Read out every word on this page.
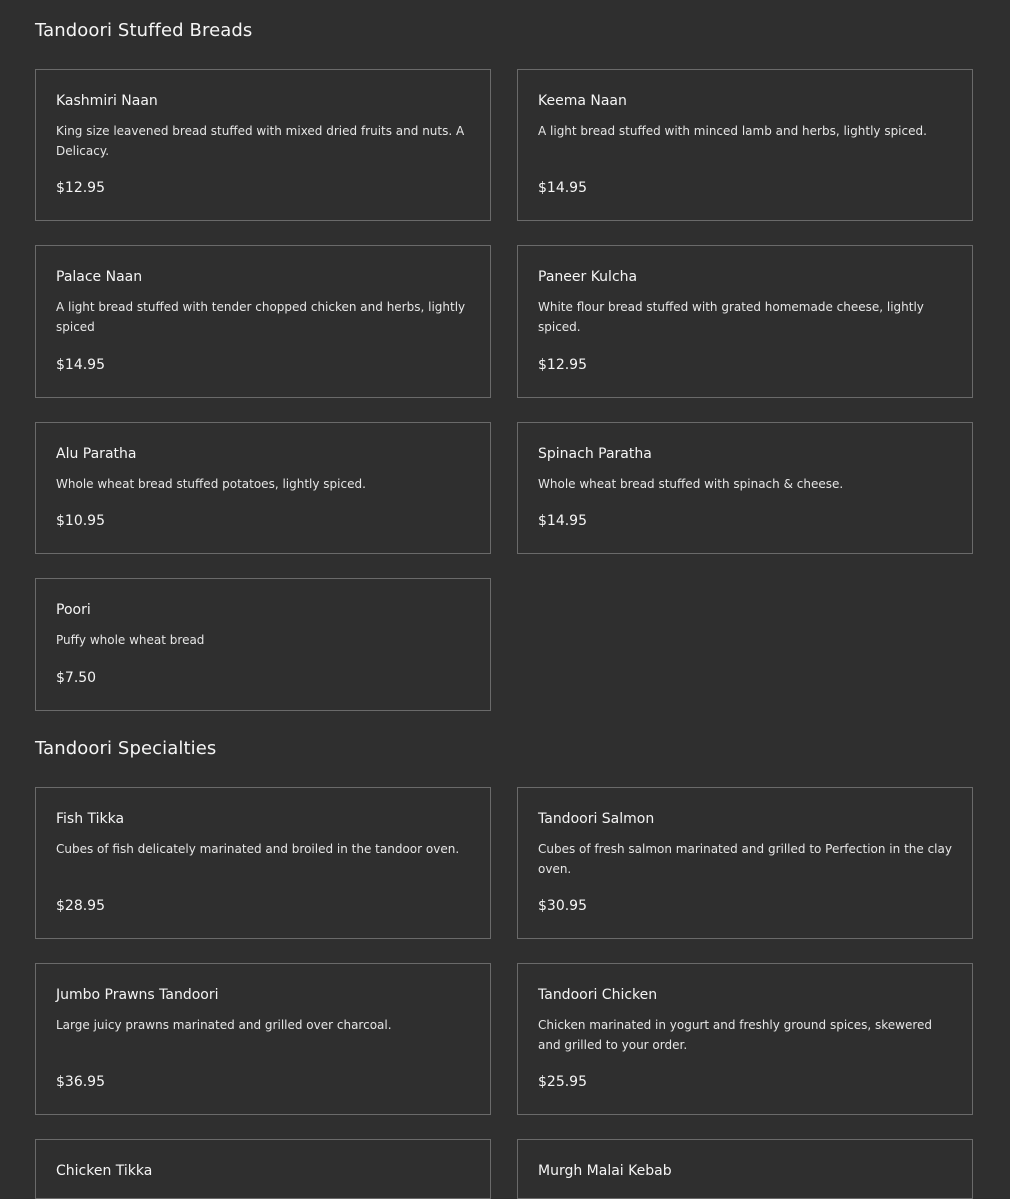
Tandoori Stuffed Breads
Kashmiri Naan
King size leavened bread stuffed with mixed dried fruits and nuts. A Delicacy.
$12.95
Keema Naan
A light bread stuffed with minced lamb and herbs, lightly spiced.
$14.95
Palace Naan
A light bread stuffed with tender chopped chicken and herbs, lightly spiced
$14.95
Paneer Kulcha
White flour bread stuffed with grated homemade cheese, lightly spiced.
$12.95
Alu Paratha
Whole wheat bread stuffed potatoes, lightly spiced.
$10.95
Spinach Paratha
Whole wheat bread stuffed with spinach & cheese.
$14.95
Poori
Puffy whole wheat bread
$7.50
Tandoori Specialties
Fish Tikka
Cubes of fish delicately marinated and broiled in the tandoor oven.
$28.95
Tandoori Salmon
Cubes of fresh salmon marinated and grilled to Perfection in the clay oven.
$30.95
Jumbo Prawns Tandoori
Large juicy prawns marinated and grilled over charcoal.
$36.95
Tandoori Chicken
Chicken marinated in yogurt and freshly ground spices, skewered and grilled to your order.
$25.95
Chicken Tikka	Murgh Malai Kebab
